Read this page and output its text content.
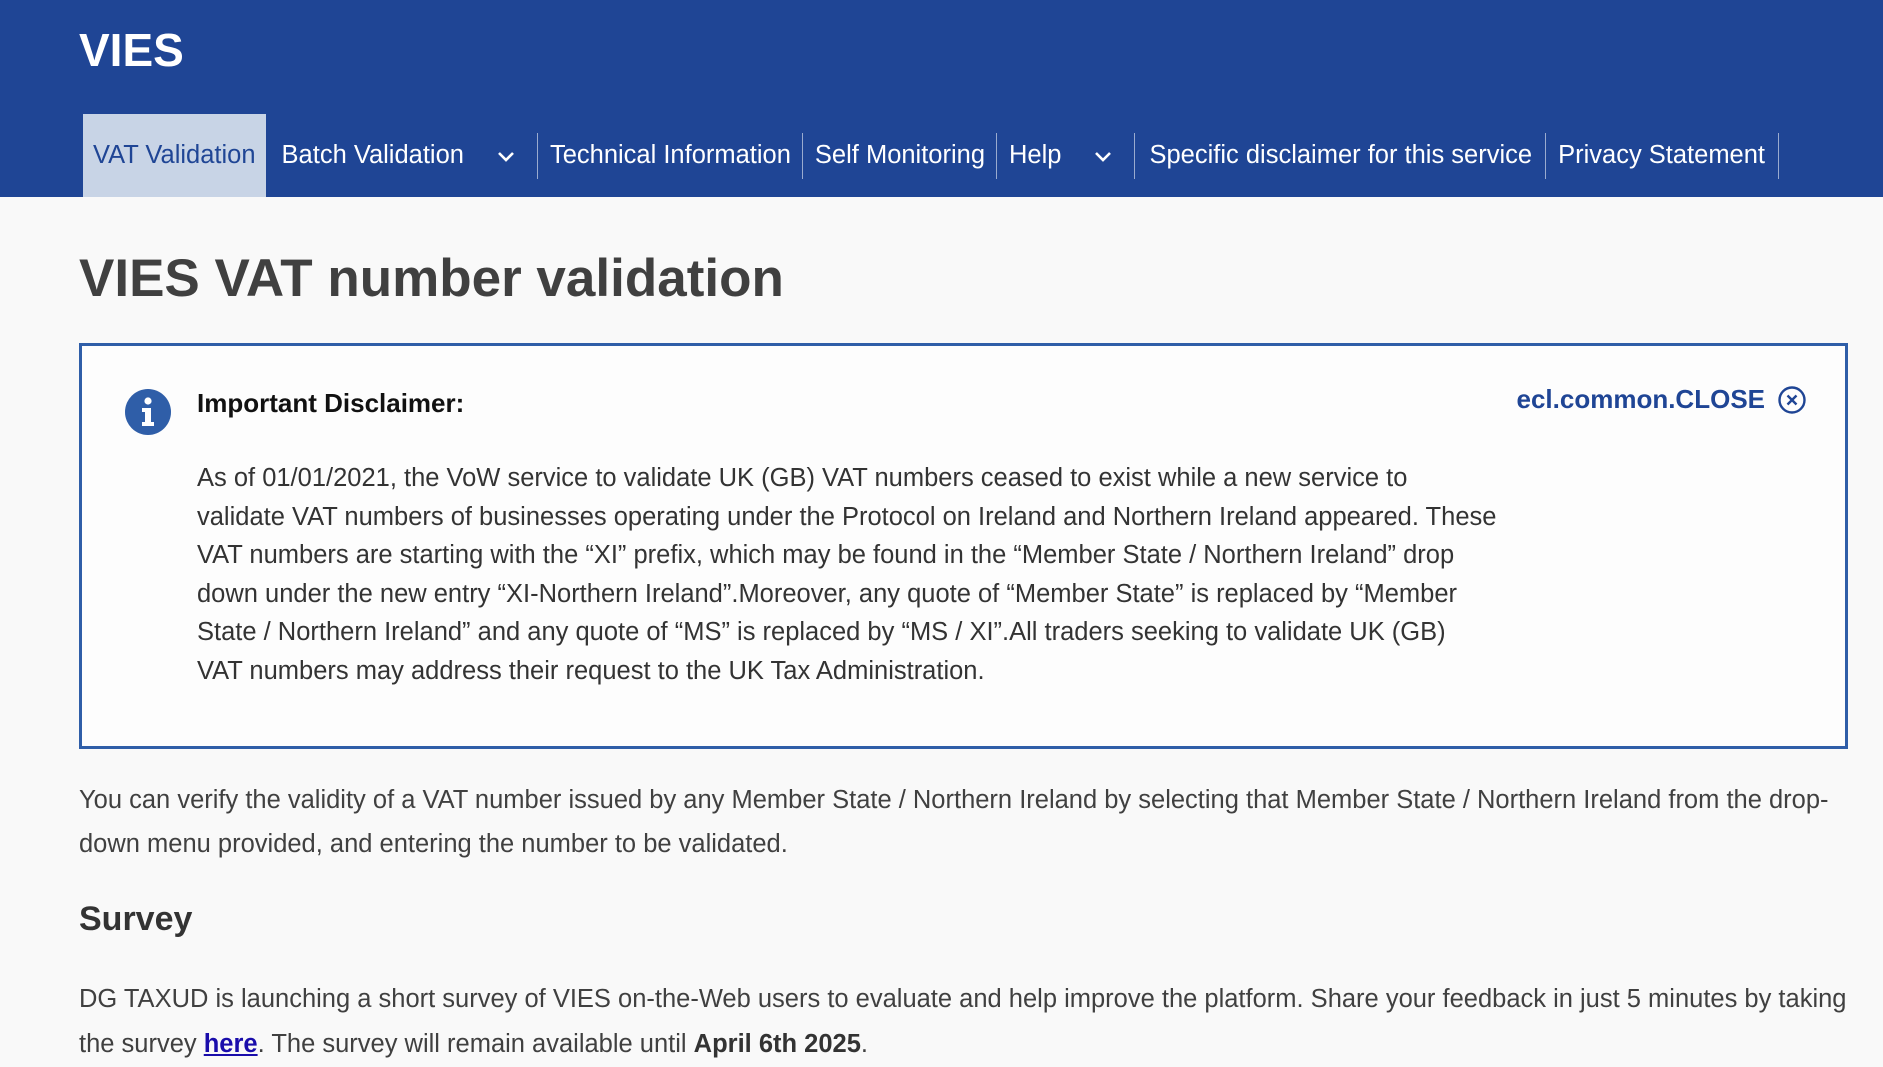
VIES
VAT Validation Batch Validation	Technical Information Self Monitoring Help	Specific disclaimer for this service Privacy Statement
VIES VAT number validation
Important Disclaimer:	ecl.common.CLOSE

As of 01/01/2021, the VoW service to validate UK (GB) VAT numbers ceased to exist while a new service to validate VAT numbers of businesses operating under the Protocol on Ireland and Northern Ireland appeared. These VAT numbers are starting with the “XI” prefix, which may be found in the “Member State / Northern Ireland” drop down under the new entry “XI-Northern Ireland”.Moreover, any quote of “Member State” is replaced by “Member State / Northern Ireland” and any quote of “MS” is replaced by “MS / XI”.All traders seeking to validate UK (GB) VAT numbers may address their request to the UK Tax Administration.

You can verify the validity of a VAT number issued by any Member State / Northern Ireland by selecting that Member State / Northern Ireland from the drop-down menu provided, and entering the number to be validated.

Survey

DG TAXUD is launching a short survey of VIES on-the-Web users to evaluate and help improve the platform. Share your feedback in just 5 minutes by taking the survey here. The survey will remain available until April 6th 2025.
